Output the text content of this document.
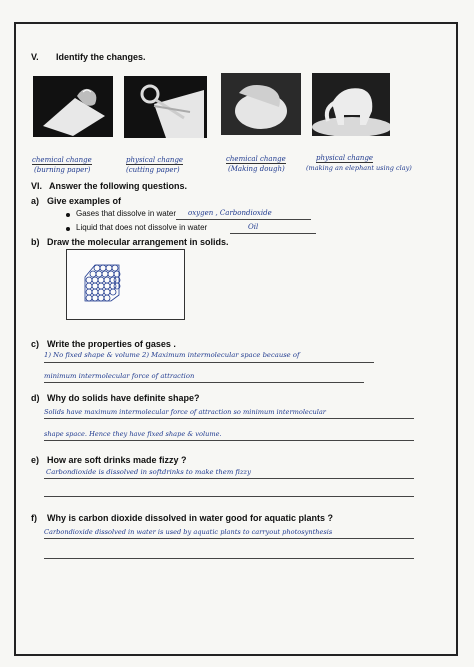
V. Identify the changes.
chemical change
(burning paper)
physical change
(cutting paper)
chemical change
(Making dough)
physical change
(making an elephant using clay)
VI. Answer the following questions.
a) Give examples of
Gases that dissolve in water oxygen , Carbondioxide
Liquid that does not dissolve in water	Oil
b) Draw the molecular arrangement in solids.
c) Write the properties of gases .
1) No fixed shape & volume 2) Maximum intermolecular space because of
minimum intermolecular force of attraction
d) Why do solids have definite shape?
Solids have maximum intermolecular force of attraction so minimum intermolecular
shape space. Hence they have fixed shape & volume.
e) How are soft drinks made fizzy ?
Carbondioxide is dissolved in softdrinks to make them fizzy
f) Why is carbon dioxide dissolved in water good for aquatic plants ?
Carbondioxide dissolved in water is used by aquatic plants to carryout photosynthesis
